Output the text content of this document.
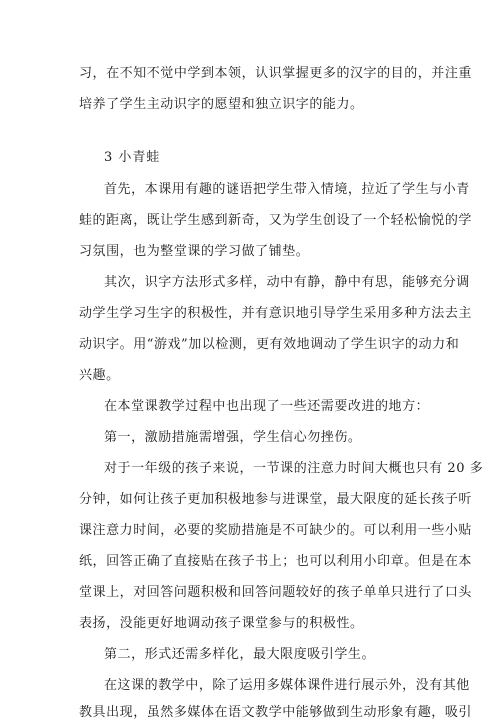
习，在不知不觉中学到本领，认识掌握更多的汉字的目的，并注重
培养了学生主动识字的愿望和独立识字的能力。
3 小青蛙
首先，本课用有趣的谜语把学生带入情境，拉近了学生与小青
蛙的距离，既让学生感到新奇，又为学生创设了一个轻松愉悦的学
习氛围，也为整堂课的学习做了铺垫。
其次，识字方法形式多样，动中有静，静中有思，能够充分调
动学生学习生字的积极性，并有意识地引导学生采用多种方法去主
动识字。用“游戏”加以检测，更有效地调动了学生识字的动力和
兴趣。
在本堂课教学过程中也出现了一些还需要改进的地方：
第一，激励措施需增强，学生信心勿挫伤。
对于一年级的孩子来说，一节课的注意力时间大概也只有 20 多
分钟，如何让孩子更加积极地参与进课堂，最大限度的延长孩子听
课注意力时间，必要的奖励措施是不可缺少的。可以利用一些小贴
纸，回答正确了直接贴在孩子书上；也可以利用小印章。但是在本
堂课上，对回答问题积极和回答问题较好的孩子单单只进行了口头
表扬，没能更好地调动孩子课堂参与的积极性。
第二，形式还需多样化，最大限度吸引学生。
在这课的教学中，除了运用多媒体课件进行展示外，没有其他
教具出现，虽然多媒体在语文教学中能够做到生动形象有趣，吸引
